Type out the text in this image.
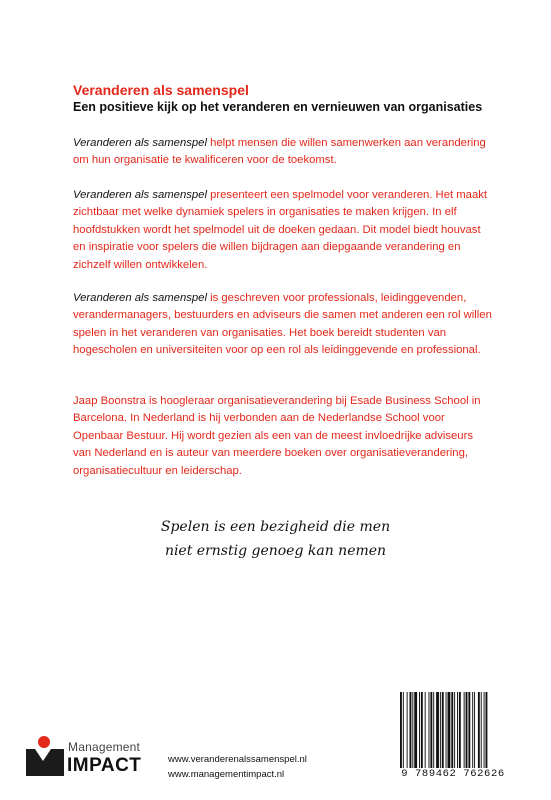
Veranderen als samenspel
Een positieve kijk op het veranderen en vernieuwen van organisaties

Veranderen als samenspel helpt mensen die willen samenwerken aan verandering om hun organisatie te kwalificeren voor de toekomst.

Veranderen als samenspel presenteert een spelmodel voor veranderen. Het maakt zichtbaar met welke dynamiek spelers in organisaties te maken krijgen. In elf hoofdstukken wordt het spelmodel uit de doeken gedaan. Dit model biedt houvast en inspiratie voor spelers die willen bijdragen aan diepgaande verandering en zichzelf willen ontwikkelen.

Veranderen als samenspel is geschreven voor professionals, leidinggevenden, verandermanagers, bestuurders en adviseurs die samen met anderen een rol willen spelen in het veranderen van organisaties. Het boek bereidt studenten van hogescholen en universiteiten voor op een rol als leidinggevende en professional.

Jaap Boonstra is hoogleraar organisatieverandering bij Esade Business School in Barcelona. In Nederland is hij verbonden aan de Nederlandse School voor Openbaar Bestuur. Hij wordt gezien als een van de meest invloedrijke adviseurs van Nederland en is auteur van meerdere boeken over organisatieverandering, organisatiecultuur en leiderschap.

Spelen is een bezigheid die men
niet ernstig genoeg kan nemen
Management
IMPACT	www.veranderenalssamenspel.nl
www.managementimpact.nl	9 789462 762626
